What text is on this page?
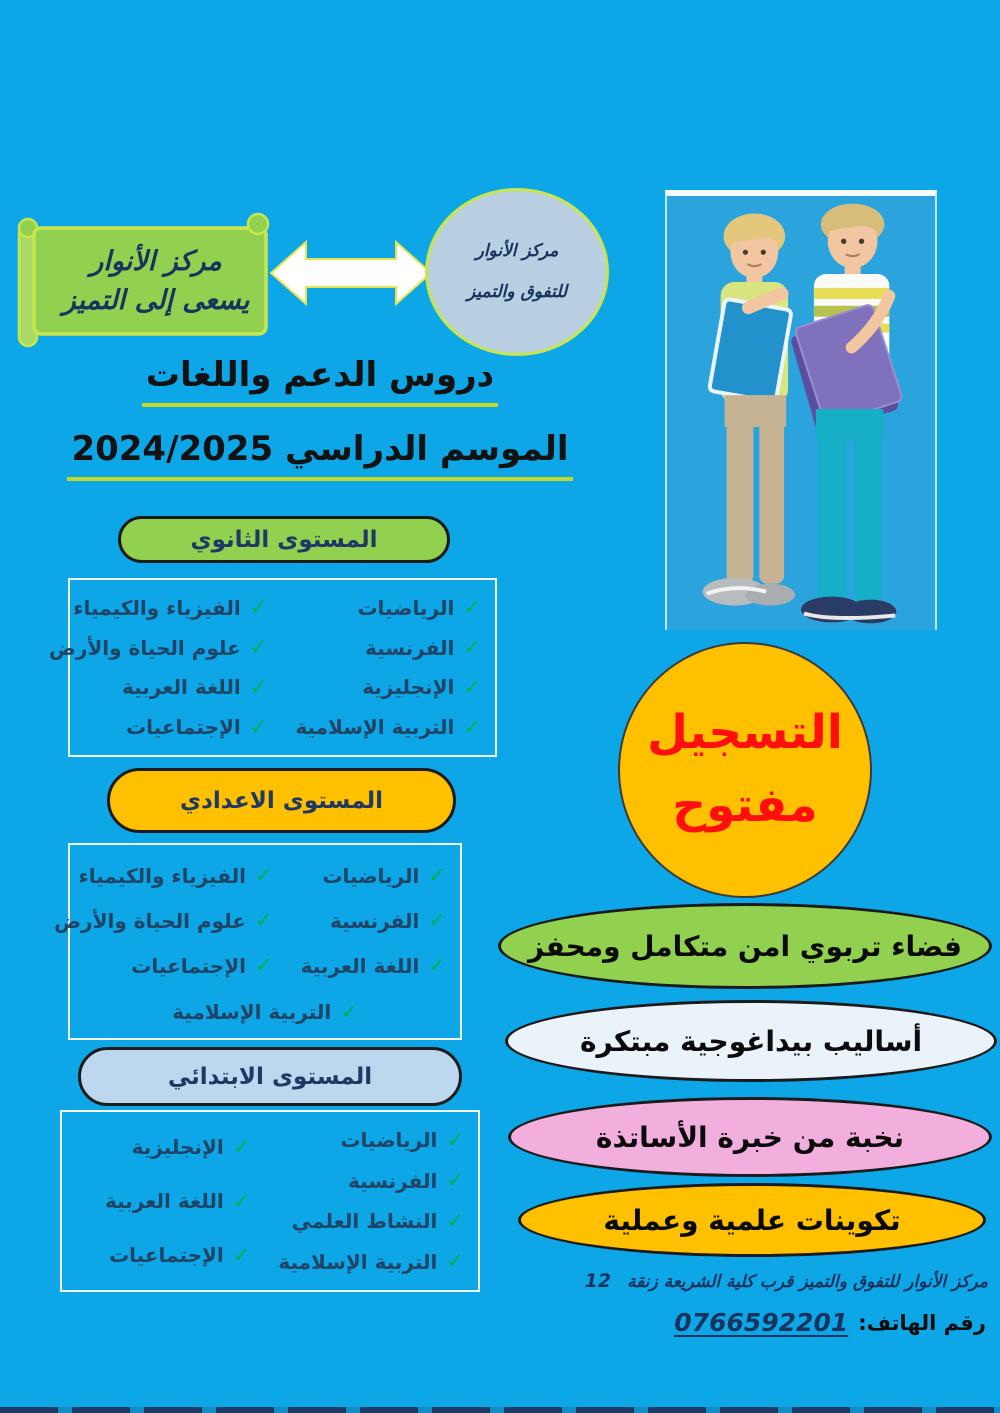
مركز الأنوار
يسعى إلى التميز
مركز الأنوار
للتفوق والتميز
دروس الدعم واللغات
الموسم الدراسي 2024/2025
المستوى الثانوي
✓
الرياضيات
✓
الفرنسية
✓
الإنجليزية
✓
التربية الإسلامية
✓
الفيزياء والكيمياء
✓
علوم الحياة والأرض
✓
اللغة العربية
✓
الإجتماعيات
المستوى الاعدادي
✓
الرياضيات
✓
الفرنسية
✓
اللغة العربية
✓
الفيزياء والكيمياء
✓
علوم الحياة والأرض
✓
الإجتماعيات
✓
التربية الإسلامية
المستوى الابتدائي
✓
الرياضيات
✓
الفرنسية
✓
النشاط العلمي
✓
التربية الإسلامية
✓
الإنجليزية
✓
اللغة العربية
✓
الإجتماعيات
التسجيل
مفتوح
فضاء تربوي امن متكامل ومحفز
أساليب بيداغوجية مبتكرة
نخبة من خبرة الأساتذة
تكوينات علمية وعملية
مركز الأنوار للتفوق والتميز قرب كلية الشريعة زنقة 12
رقم الهاتف:
0766592201
